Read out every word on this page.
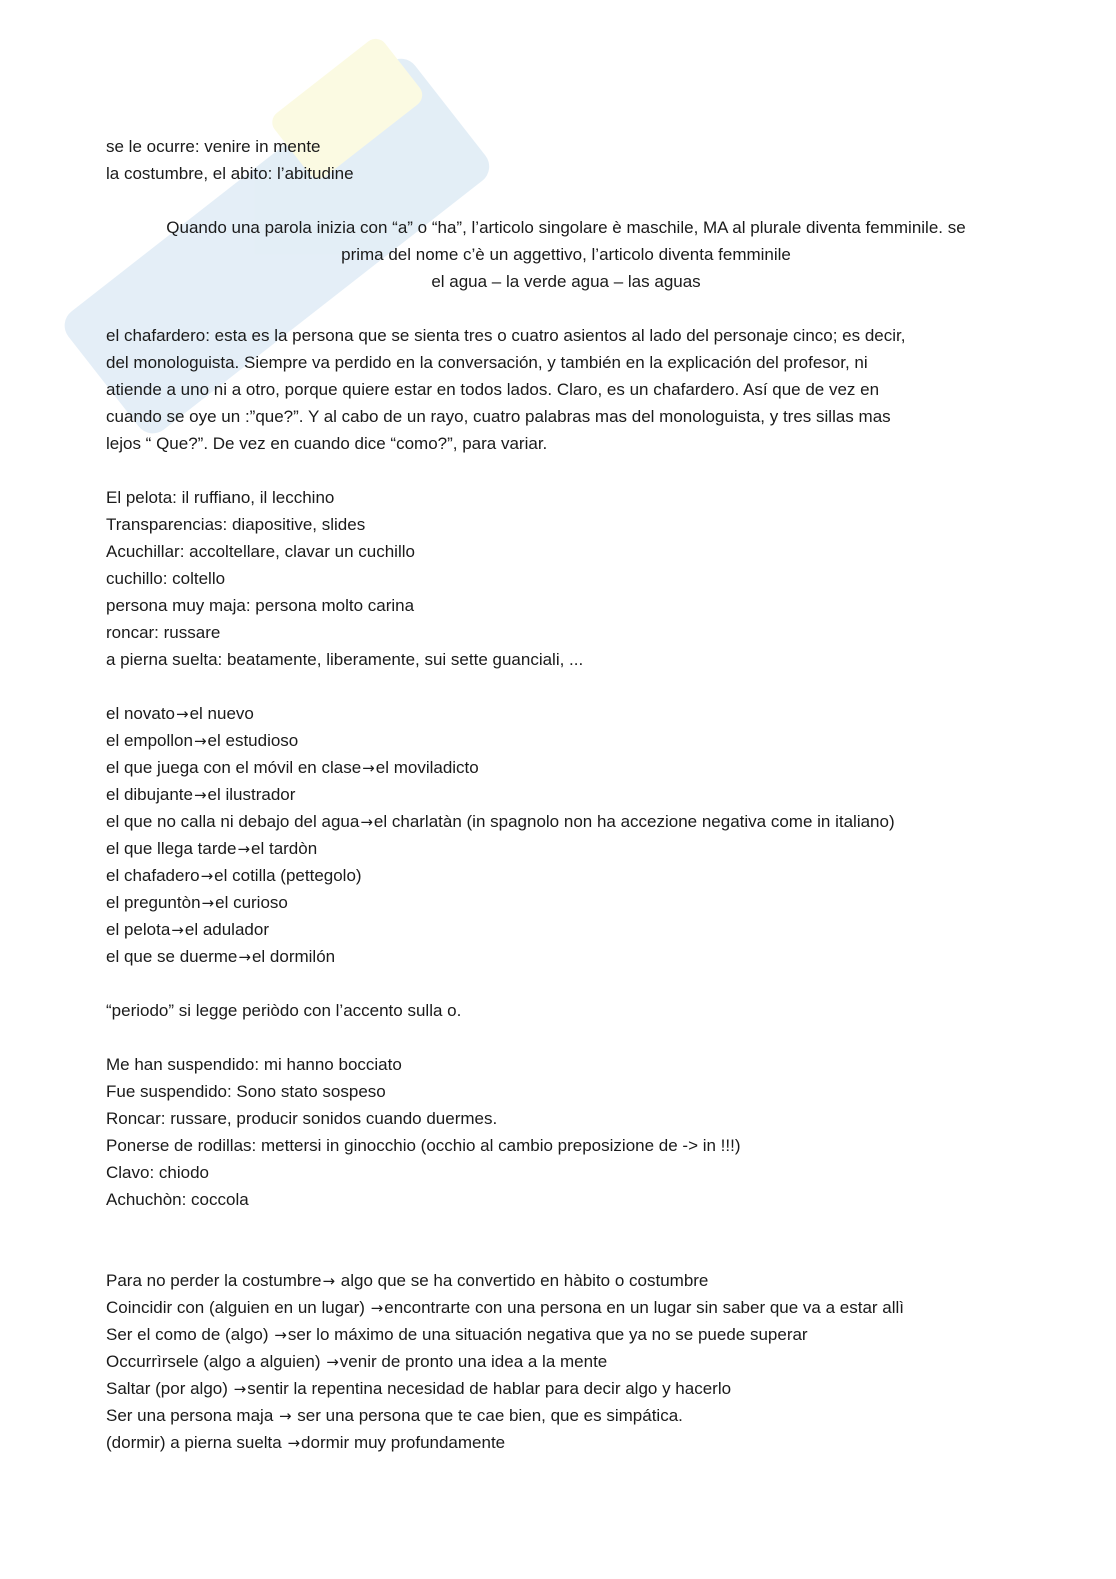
se le ocurre: venire in mente
la costumbre, el abito: l’abitudine
Quando una parola inizia con “a” o “ha”, l’articolo singolare è maschile, MA al plurale diventa femminile. se
prima del nome c’è un aggettivo, l’articolo diventa femminile
el agua – la verde agua – las aguas
el chafardero: esta es la persona que se sienta tres o cuatro asientos al lado del personaje cinco; es decir,
del monologuista. Siempre va perdido en la conversación, y también en la explicación del profesor, ni
atiende a uno ni a otro, porque quiere estar en todos lados. Claro, es un chafardero. Así que de vez en
cuando se oye un :”que?”. Y al cabo de un rayo, cuatro palabras mas del monologuista, y tres sillas mas
lejos “ Que?”. De vez en cuando dice “como?”, para variar.
El pelota: il ruffiano, il lecchino
Transparencias: diapositive, slides
Acuchillar: accoltellare, clavar un cuchillo
cuchillo: coltello
persona muy maja: persona molto carina
roncar: russare
a pierna suelta: beatamente, liberamente, sui sette guanciali, ...
el novato→el nuevo
el empollon→el estudioso
el que juega con el móvil en clase→el moviladicto
el dibujante→el ilustrador
el que no calla ni debajo del agua→el charlatàn (in spagnolo non ha accezione negativa come in italiano)
el que llega tarde→el tardòn
el chafadero→el cotilla (pettegolo)
el preguntòn→el curioso
el pelota→el adulador
el que se duerme→el dormilón
“periodo” si legge periòdo con l’accento sulla o.
Me han suspendido: mi hanno bocciato
Fue suspendido: Sono stato sospeso
Roncar: russare, producir sonidos cuando duermes.
Ponerse de rodillas: mettersi in ginocchio (occhio al cambio preposizione de -> in !!!)
Clavo: chiodo
Achuchòn: coccola
Para no perder la costumbre→ algo que se ha convertido en hàbito o costumbre
Coincidir con (alguien en un lugar) →encontrarte con una persona en un lugar sin saber que va a estar allì
Ser el como de (algo) →ser lo máximo de una situación negativa que ya no se puede superar
Occurrìrsele (algo a alguien) →venir de pronto una idea a la mente
Saltar (por algo) →sentir la repentina necesidad de hablar para decir algo y hacerlo
Ser una persona maja → ser una persona que te cae bien, que es simpática.
(dormir) a pierna suelta →dormir muy profundamente
